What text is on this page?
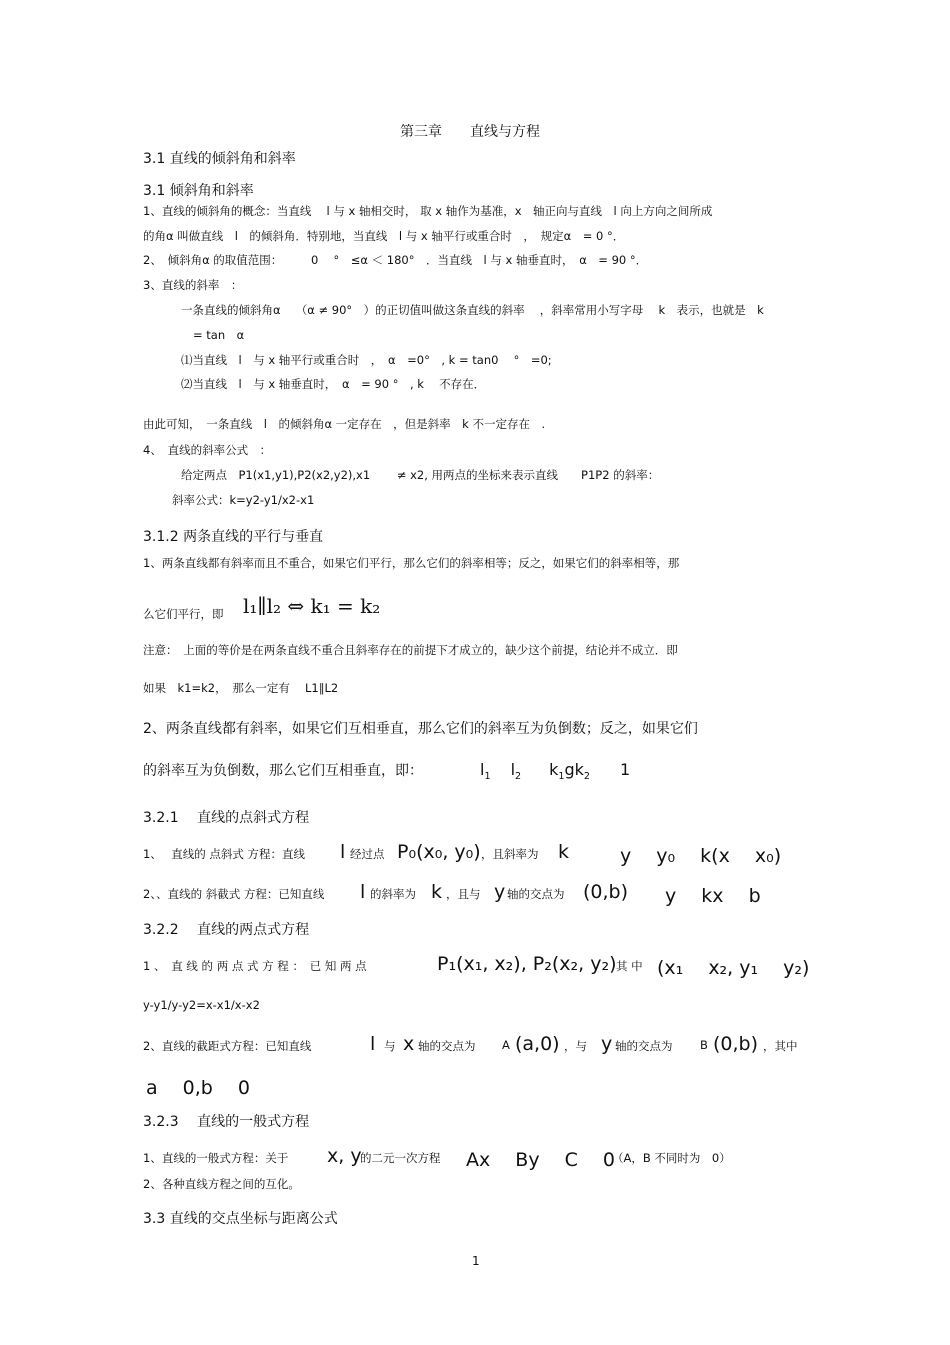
第三章 直线与方程
3.1 直线的倾斜角和斜率
3.1 倾斜角和斜率
1、直线的倾斜角的概念：当直线　 l 与 x 轴相交时， 取 x 轴作为基准，x　轴正向与直线　l 向上方向之间所成
的角α 叫做直线　l　的倾斜角．特别地，当直线　l 与 x 轴平行或重合时　，　规定α　= 0 °．
2、　倾斜角α 的取值范围：　　　0　 °　≤α ＜ 180°　．当直线　l 与 x 轴垂直时，　α　= 90 °．
3、直线的斜率　：
一条直线的倾斜角α　 （α ≠ 90°　）的正切值叫做这条直线的斜率　 ，斜率常用小写字母　 k　表示，也就是　k
= tan　α
⑴当直线　l　与 x 轴平行或重合时　，　α　=0°　, k = tan0　 °　=0;
⑵当直线　l　与 x 轴垂直时，　α　= 90 °　, k　 不存在．
由此可知，　一条直线　l　的倾斜角α 一定存在　，但是斜率　k 不一定存在　.
4、　直线的斜率公式　：
给定两点　P1(x1,y1),P2(x2,y2),x1　　 ≠ x2, 用两点的坐标来表示直线　　P1P2 的斜率：
斜率公式：k=y2-y1/x2-x1
3.1.2 两条直线的平行与垂直
1、两条直线都有斜率而且不重合，如果它们平行，那么它们的斜率相等；反之，如果它们的斜率相等，那
么它们平行，即 l₁∥l₂ ⇔ k₁ = k₂
注意：　上面的等价是在两条直线不重合且斜率存在的前提下才成立的，缺少这个前提，结论并不成立．即
如果　k1=k2，　那么一定有　 L1∥L2
2、两条直线都有斜率，如果它们互相垂直，那么它们的斜率互为负倒数；反之，如果它们
的斜率互为负倒数，那么它们互相垂直，即：	$l_1$ $l_2$ $k_1gk_2$ 1
3.2.1　 直线的点斜式方程
1、　 直线的 点斜式 方程：直线 l 经过点 P₀(x₀, y₀) ，且斜率为 k	y　 y₀　 k(x　 x₀)
2、、直线的 斜截式 方程：已知直线 l 的斜率为 k ，且与 y 轴的交点为 (0,b) y　 kx　 b
3.2.2　 直线的两点式方程
1 、　直 线 的 两 点 式 方 程 ：　已 知 两 点	P₁(x₁, x₂), P₂(x₂, y₂) 其 中 (x₁　 x₂, y₁　 y₂)
y-y1/y-y2=x-x1/x-x2
2、直线的截距式方程：已知直线	l 与 x 轴的交点为 A (a,0) ，与 y 轴的交点为 B (0,b) ，其中
a　 0,b　 0
3.2.3　 直线的一般式方程
1、直线的一般式方程：关于 x, y
的二元一次方程 Ax　 By　 C　 0
（A，B 不同时为　0）
2、各种直线方程之间的互化。
3.3 直线的交点坐标与距离公式
1
